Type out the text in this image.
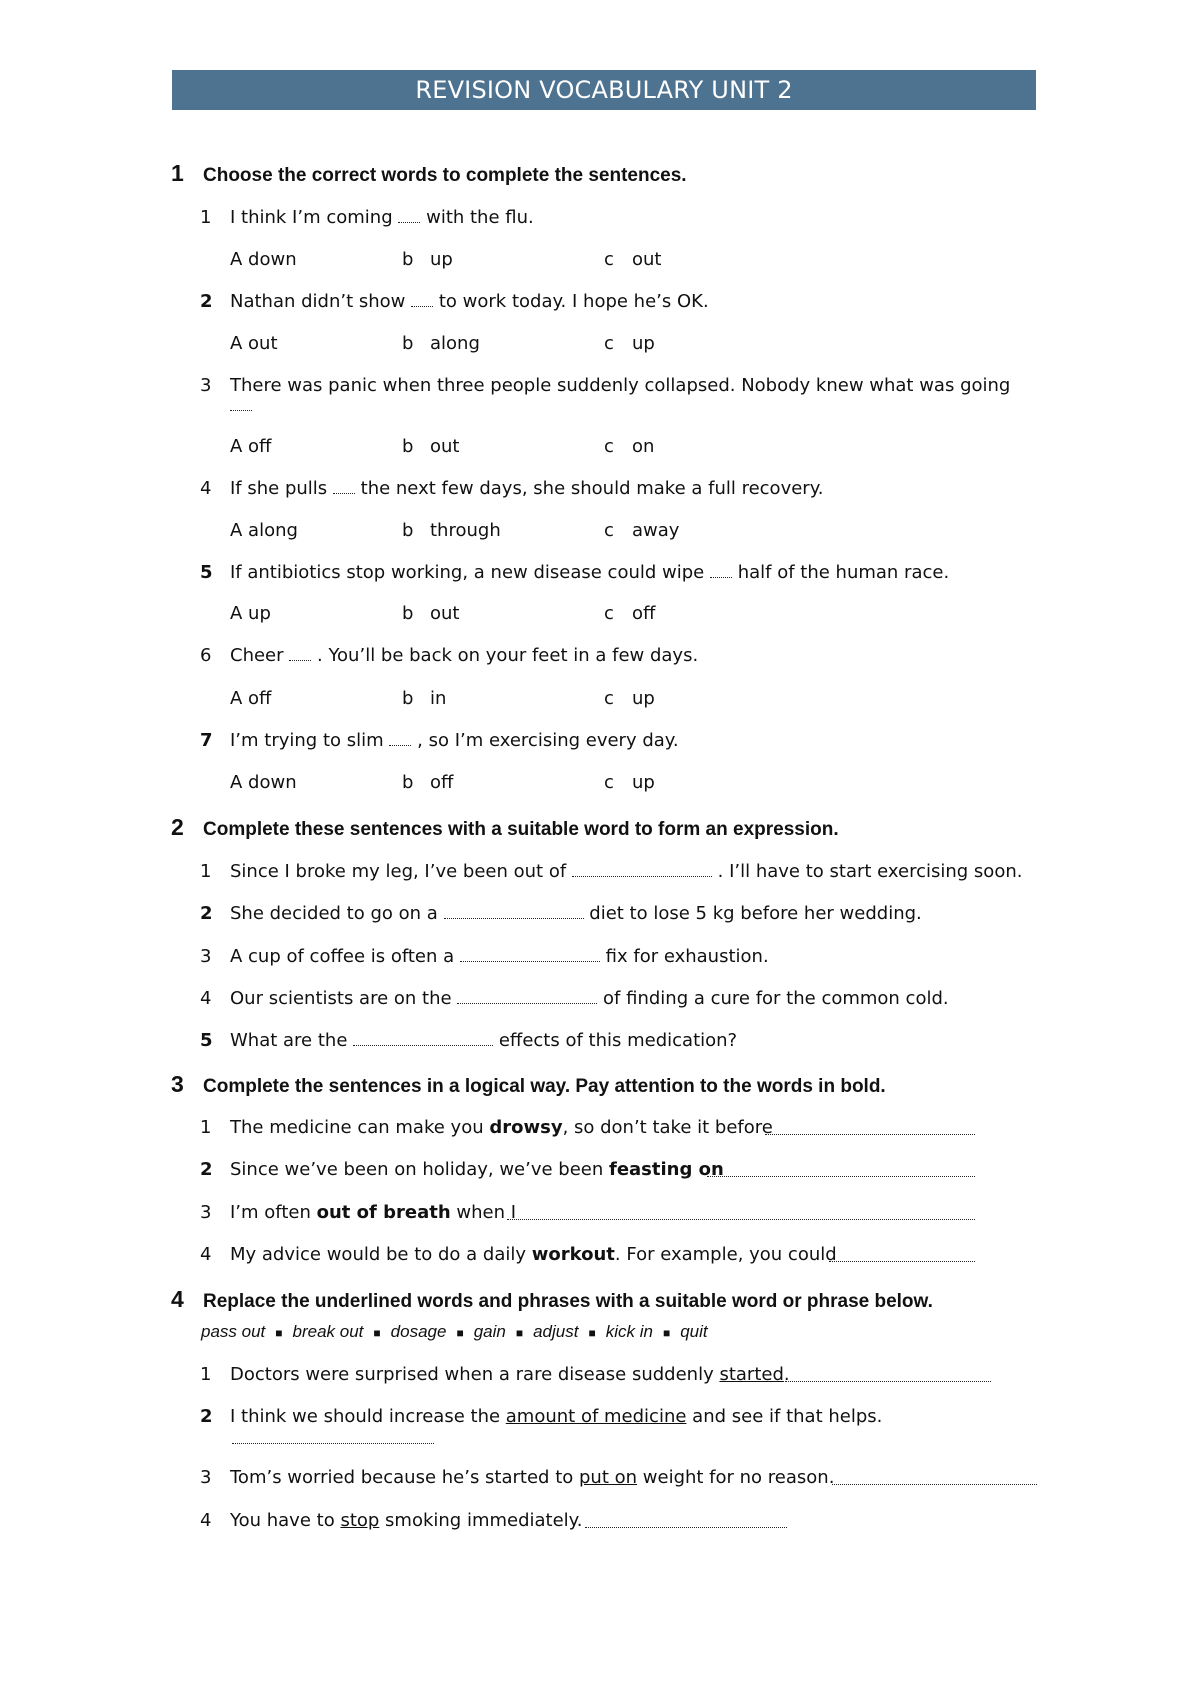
REVISION VOCABULARY UNIT 2
1	Choose the correct words to complete the sentences.
1	I think I’m coming with the flu.
A down	b up	c out
2 Nathan didn’t show to work today. I hope he’s OK.
A out	b along	c up
3	There was panic when three people suddenly collapsed. Nobody knew what was going
A off	b out	c on
4	If she pulls the next few days, she should make a full recovery.
A along	b through	c away
5 If antibiotics stop working, a new disease could wipe half of the human race.
A up	b out	c off
6	Cheer . You’ll be back on your feet in a few days.
A off	b in	c up
7 I’m trying to slim , so I’m exercising every day.
A down	b off	c up
2	Complete these sentences with a suitable word to form an expression.
1	Since I broke my leg, I’ve been out of	. I’ll have to start exercising soon.
2 She decided to go on a	diet to lose 5 kg before her wedding.
3	A cup of coffee is often a	fix for exhaustion.
4	Our scientists are on the	of finding a cure for the common cold.
5 What are the	effects of this medication?
3	Complete the sentences in a logical way. Pay attention to the words in bold.
1	The medicine can make you drowsy, so don’t take it before
2 Since we’ve been on holiday, we’ve been feasting on
3	I’m often out of breath when I
4	My advice would be to do a daily workout. For example, you could
4	Replace the underlined words and phrases with a suitable word or phrase below.
pass out ■ break out ■ dosage ■ gain ■ adjust ■ kick in ■ quit
1	Doctors were surprised when a rare disease suddenly started.
2 I think we should increase the amount of medicine and see if that helps.
3	Tom’s worried because he’s started to put on weight for no reason.
4	You have to stop smoking immediately.
